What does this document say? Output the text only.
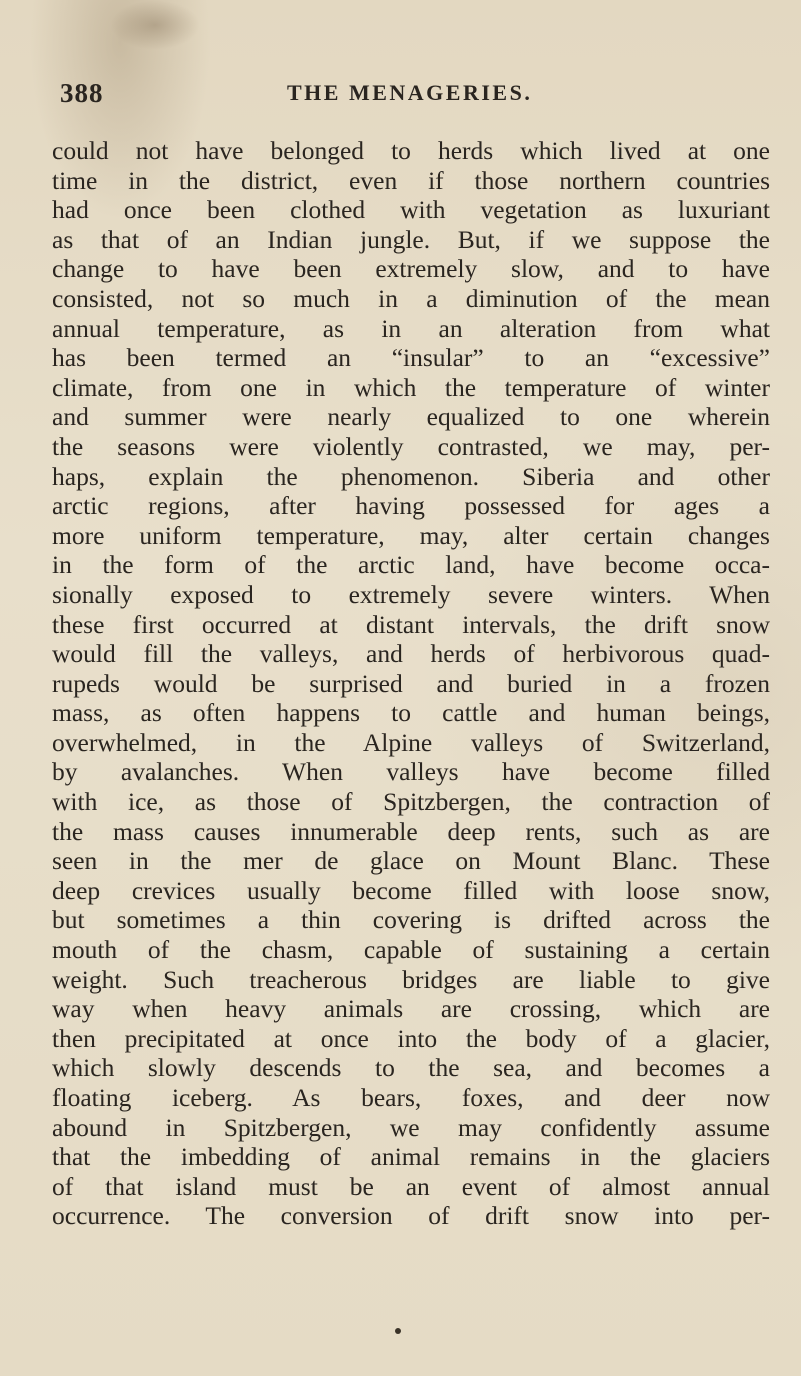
388	THE MENAGERIES.
could not have belonged to herds which lived at one
time in the district, even if those northern countries
had once been clothed with vegetation as luxuriant
as that of an Indian jungle. But, if we suppose the
change to have been extremely slow, and to have
consisted, not so much in a diminution of the mean
annual temperature, as in an alteration from what
has been termed an “insular” to an “excessive”
climate, from one in which the temperature of winter
and summer were nearly equalized to one wherein
the seasons were violently contrasted, we may, per-
haps, explain the phenomenon. Siberia and other
arctic regions, after having possessed for ages a
more uniform temperature, may, alter certain changes
in the form of the arctic land, have become occa-
sionally exposed to extremely severe winters. When
these first occurred at distant intervals, the drift snow
would fill the valleys, and herds of herbivorous quad-
rupeds would be surprised and buried in a frozen
mass, as often happens to cattle and human beings,
overwhelmed, in the Alpine valleys of Switzerland,
by avalanches. When valleys have become filled
with ice, as those of Spitzbergen, the contraction of
the mass causes innumerable deep rents, such as are
seen in the mer de glace on Mount Blanc. These
deep crevices usually become filled with loose snow,
but sometimes a thin covering is drifted across the
mouth of the chasm, capable of sustaining a certain
weight. Such treacherous bridges are liable to give
way when heavy animals are crossing, which are
then precipitated at once into the body of a glacier,
which slowly descends to the sea, and becomes a
floating iceberg. As bears, foxes, and deer now
abound in Spitzbergen, we may confidently assume
that the imbedding of animal remains in the glaciers
of that island must be an event of almost annual
occurrence. The conversion of drift snow into per-
